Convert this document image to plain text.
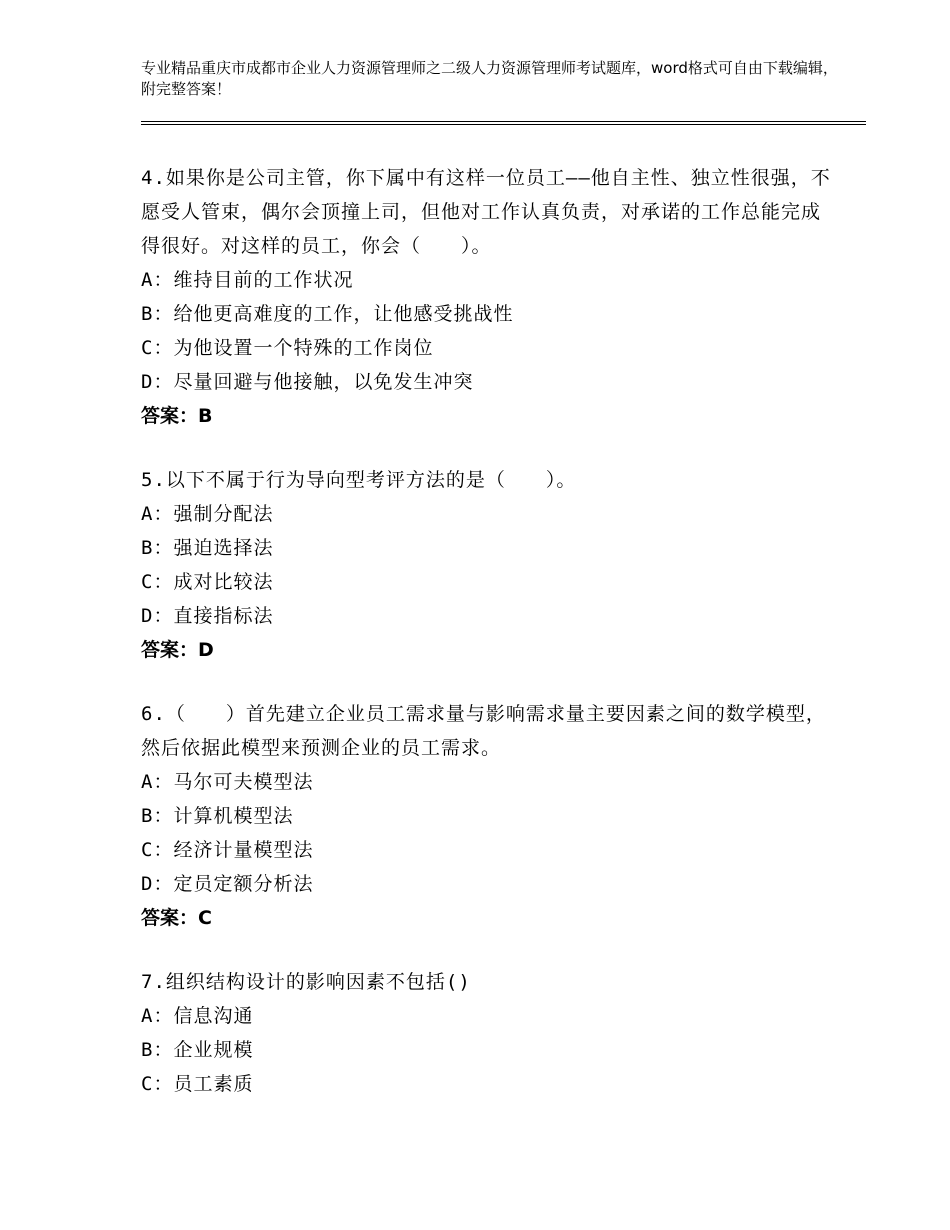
专业精品重庆市成都市企业人力资源管理师之二级人力资源管理师考试题库，word格式可自由下载编辑，附完整答案！
4.如果你是公司主管，你下属中有这样一位员工——他自主性、独立性很强，不愿受人管束，偶尔会顶撞上司，但他对工作认真负责，对承诺的工作总能完成得很好。对这样的员工，你会（　　）。
A：维持目前的工作状况
B：给他更高难度的工作，让他感受挑战性
C：为他设置一个特殊的工作岗位
D：尽量回避与他接触，以免发生冲突
答案：B
5.以下不属于行为导向型考评方法的是（　　）。
A：强制分配法
B：强迫选择法
C：成对比较法
D：直接指标法
答案：D
6.（　　）首先建立企业员工需求量与影响需求量主要因素之间的数学模型，然后依据此模型来预测企业的员工需求。
A：马尔可夫模型法
B：计算机模型法
C：经济计量模型法
D：定员定额分析法
答案：C
7.组织结构设计的影响因素不包括()
A：信息沟通
B：企业规模
C：员工素质
